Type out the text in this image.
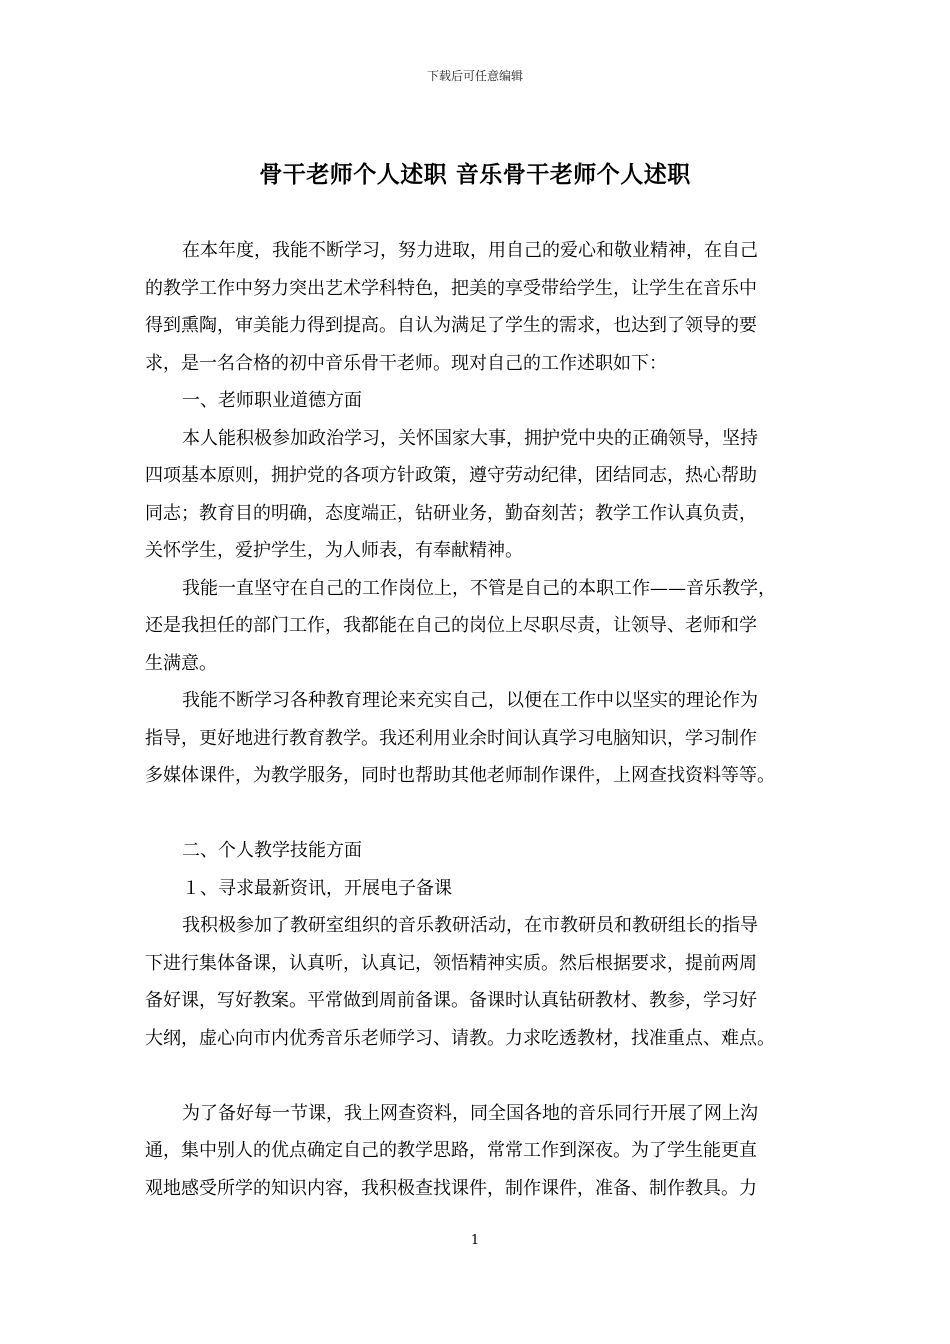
下载后可任意编辑
骨干老师个人述职 音乐骨干老师个人述职

在本年度，我能不断学习，努力进取，用自己的爱心和敬业精神，在自己
的教学工作中努力突出艺术学科特色，把美的享受带给学生，让学生在音乐中
得到熏陶，审美能力得到提高。自认为满足了学生的需求，也达到了领导的要
求，是一名合格的初中音乐骨干老师。现对自己的工作述职如下：

一、老师职业道德方面

本人能积极参加政治学习，关怀国家大事，拥护党中央的正确领导，坚持
四项基本原则，拥护党的各项方针政策，遵守劳动纪律，团结同志，热心帮助
同志；教育目的明确，态度端正，钻研业务，勤奋刻苦；教学工作认真负责，
关怀学生，爱护学生，为人师表，有奉献精神。

我能一直坚守在自己的工作岗位上，不管是自己的本职工作——音乐教学，
还是我担任的部门工作，我都能在自己的岗位上尽职尽责，让领导、老师和学
生满意。

我能不断学习各种教育理论来充实自己，以便在工作中以坚实的理论作为
指导，更好地进行教育教学。我还利用业余时间认真学习电脑知识，学习制作
多媒体课件，为教学服务，同时也帮助其他老师制作课件，上网查找资料等等。

二、个人教学技能方面

１、寻求最新资讯，开展电子备课

我积极参加了教研室组织的音乐教研活动，在市教研员和教研组长的指导
下进行集体备课，认真听，认真记，领悟精神实质。然后根据要求，提前两周
备好课，写好教案。平常做到周前备课。备课时认真钻研教材、教参，学习好
大纲，虚心向市内优秀音乐老师学习、请教。力求吃透教材，找准重点、难点。

为了备好每一节课，我上网查资料，同全国各地的音乐同行开展了网上沟
通，集中别人的优点确定自己的教学思路，常常工作到深夜。为了学生能更直
观地感受所学的知识内容，我积极查找课件，制作课件，准备、制作教具。力

1
